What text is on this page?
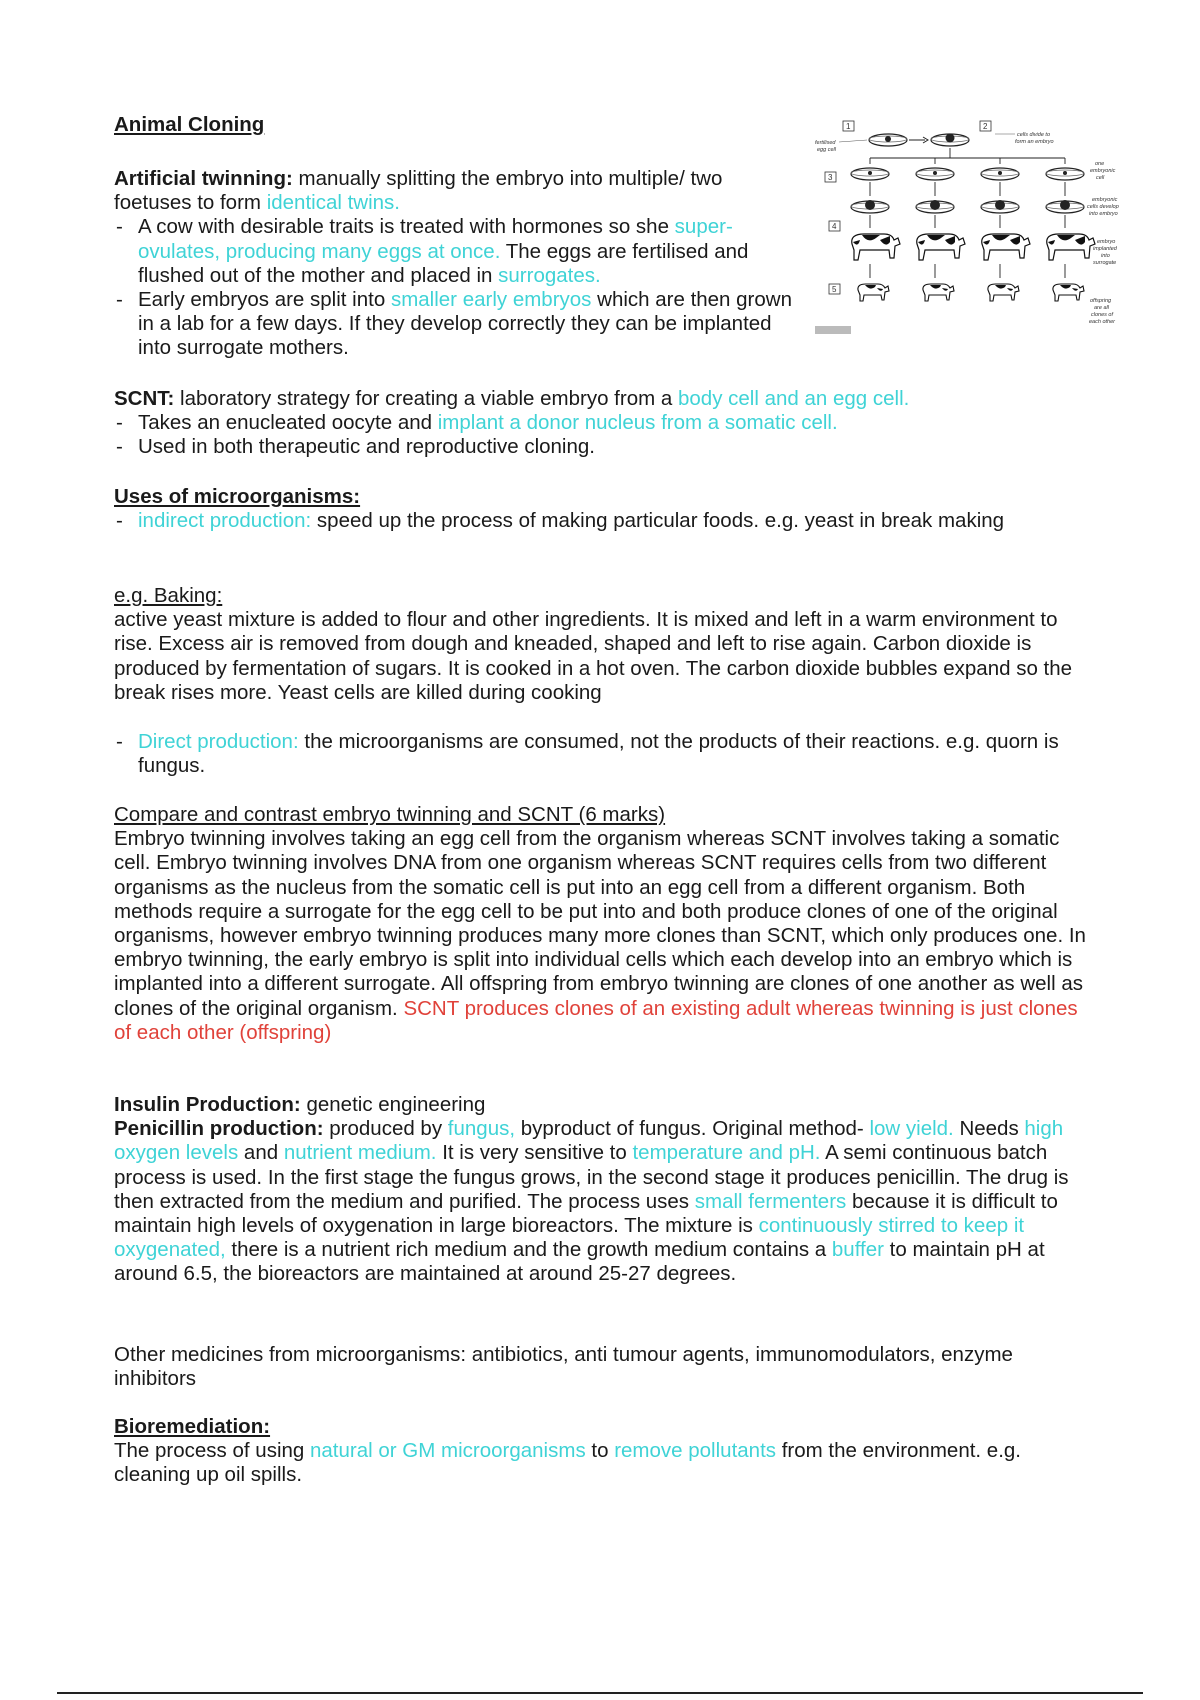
Animal Cloning

Artificial twinning: manually splitting the embryo into multiple/ two foetuses to form identical twins.

- A cow with desirable traits is treated with hormones so she super-ovulates, producing many eggs at once. The eggs are fertilised and flushed out of the mother and placed in surrogates.
- Early embryos are split into smaller early embryos which are then grown in a lab for a few days. If they develop correctly they can be implanted into surrogate mothers.
1	2
3
4
5
fertilised
egg cell
cells divide to
form an embryo
one
embryonic
cell
embryonic
cells develop
into embryo
embryo
implanted
into
surrogate
offspring
are all
clones of
each other

SCNT: laboratory strategy for creating a viable embryo from a body cell and an egg cell.

- Takes an enucleated oocyte and implant a donor nucleus from a somatic cell.
- Used in both therapeutic and reproductive cloning.

Uses of microorganisms:

- indirect production: speed up the process of making particular foods. e.g. yeast in break making

e.g. Baking:

active yeast mixture is added to flour and other ingredients. It is mixed and left in a warm environment to rise. Excess air is removed from dough and kneaded, shaped and left to rise again. Carbon dioxide is produced by fermentation of sugars. It is cooked in a hot oven. The carbon dioxide bubbles expand so the break rises more. Yeast cells are killed during cooking

- Direct production: the microorganisms are consumed, not the products of their reactions. e.g. quorn is fungus.

Compare and contrast embryo twinning and SCNT (6 marks)

Embryo twinning involves taking an egg cell from the organism whereas SCNT involves taking a somatic cell. Embryo twinning involves DNA from one organism whereas SCNT requires cells from two different organisms as the nucleus from the somatic cell is put into an egg cell from a different organism. Both methods require a surrogate for the egg cell to be put into and both produce clones of one of the original organisms, however embryo twinning produces many more clones than SCNT, which only produces one. In embryo twinning, the early embryo is split into individual cells which each develop into an embryo which is implanted into a different surrogate. All offspring from embryo twinning are clones of one another as well as clones of the original organism. SCNT produces clones of an existing adult whereas twinning is just clones of each other (offspring)

Insulin Production: genetic engineering

Penicillin production: produced by fungus, byproduct of fungus. Original method- low yield. Needs high oxygen levels and nutrient medium. It is very sensitive to temperature and pH. A semi continuous batch process is used. In the first stage the fungus grows, in the second stage it produces penicillin. The drug is then extracted from the medium and purified. The process uses small fermenters because it is difficult to maintain high levels of oxygenation in large bioreactors. The mixture is continuously stirred to keep it oxygenated, there is a nutrient rich medium and the growth medium contains a buffer to maintain pH at around 6.5, the bioreactors are maintained at around 25-27 degrees.

Other medicines from microorganisms: antibiotics, anti tumour agents, immunomodulators, enzyme inhibitors

Bioremediation:

The process of using natural or GM microorganisms to remove pollutants from the environment. e.g. cleaning up oil spills.
